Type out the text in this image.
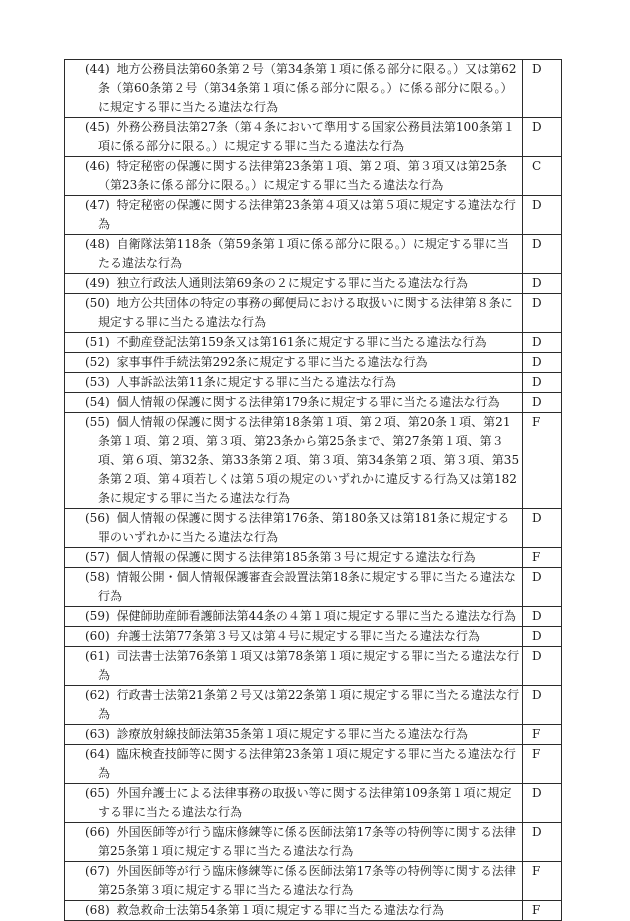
(44) 地方公務員法第60条第２号（第34条第１項に係る部分に限る。）又は第62条（第60条第２号（第34条第１項に係る部分に限る。）に係る部分に限る。）に規定する罪に当たる違法な行為	D

(45) 外務公務員法第27条（第４条において準用する国家公務員法第100条第１項に係る部分に限る。）に規定する罪に当たる違法な行為	D

(46) 特定秘密の保護に関する法律第23条第１項、第２項、第３項又は第25条（第23条に係る部分に限る。）に規定する罪に当たる違法な行為	C

(47) 特定秘密の保護に関する法律第23条第４項又は第５項に規定する違法な行為	D

(48) 自衛隊法第118条（第59条第１項に係る部分に限る。）に規定する罪に当たる違法な行為	D

(49) 独立行政法人通則法第69条の２に規定する罪に当たる違法な行為	D

(50) 地方公共団体の特定の事務の郵便局における取扱いに関する法律第８条に規定する罪に当たる違法な行為	D

(51) 不動産登記法第159条又は第161条に規定する罪に当たる違法な行為	D

(52) 家事事件手続法第292条に規定する罪に当たる違法な行為	D

(53) 人事訴訟法第11条に規定する罪に当たる違法な行為	D

(54) 個人情報の保護に関する法律第179条に規定する罪に当たる違法な行為	D

(55) 個人情報の保護に関する法律第18条第１項、第２項、第20条１項、第21条第１項、第２項、第３項、第23条から第25条まで、第27条第１項、第３項、第６項、第32条、第33条第２項、第３項、第34条第２項、第３項、第35条第２項、第４項若しくは第５項の規定のいずれかに違反する行為又は第182条に規定する罪に当たる違法な行為	F

(56) 個人情報の保護に関する法律第176条、第180条又は第181条に規定する罪のいずれかに当たる違法な行為	D

(57) 個人情報の保護に関する法律第185条第３号に規定する違法な行為	F

(58) 情報公開・個人情報保護審査会設置法第18条に規定する罪に当たる違法な行為	D

(59) 保健師助産師看護師法第44条の４第１項に規定する罪に当たる違法な行為	D

(60) 弁護士法第77条第３号又は第４号に規定する罪に当たる違法な行為	D

(61) 司法書士法第76条第１項又は第78条第１項に規定する罪に当たる違法な行為	D

(62) 行政書士法第21条第２号又は第22条第１項に規定する罪に当たる違法な行為	D

(63) 診療放射線技師法第35条第１項に規定する罪に当たる違法な行為	F

(64) 臨床検査技師等に関する法律第23条第１項に規定する罪に当たる違法な行為	F

(65) 外国弁護士による法律事務の取扱い等に関する法律第109条第１項に規定する罪に当たる違法な行為	D

(66) 外国医師等が行う臨床修練等に係る医師法第17条等の特例等に関する法律第25条第１項に規定する罪に当たる違法な行為	D

(67) 外国医師等が行う臨床修練等に係る医師法第17条等の特例等に関する法律第25条第３項に規定する罪に当たる違法な行為	F

(68) 救急救命士法第54条第１項に規定する罪に当たる違法な行為	F
